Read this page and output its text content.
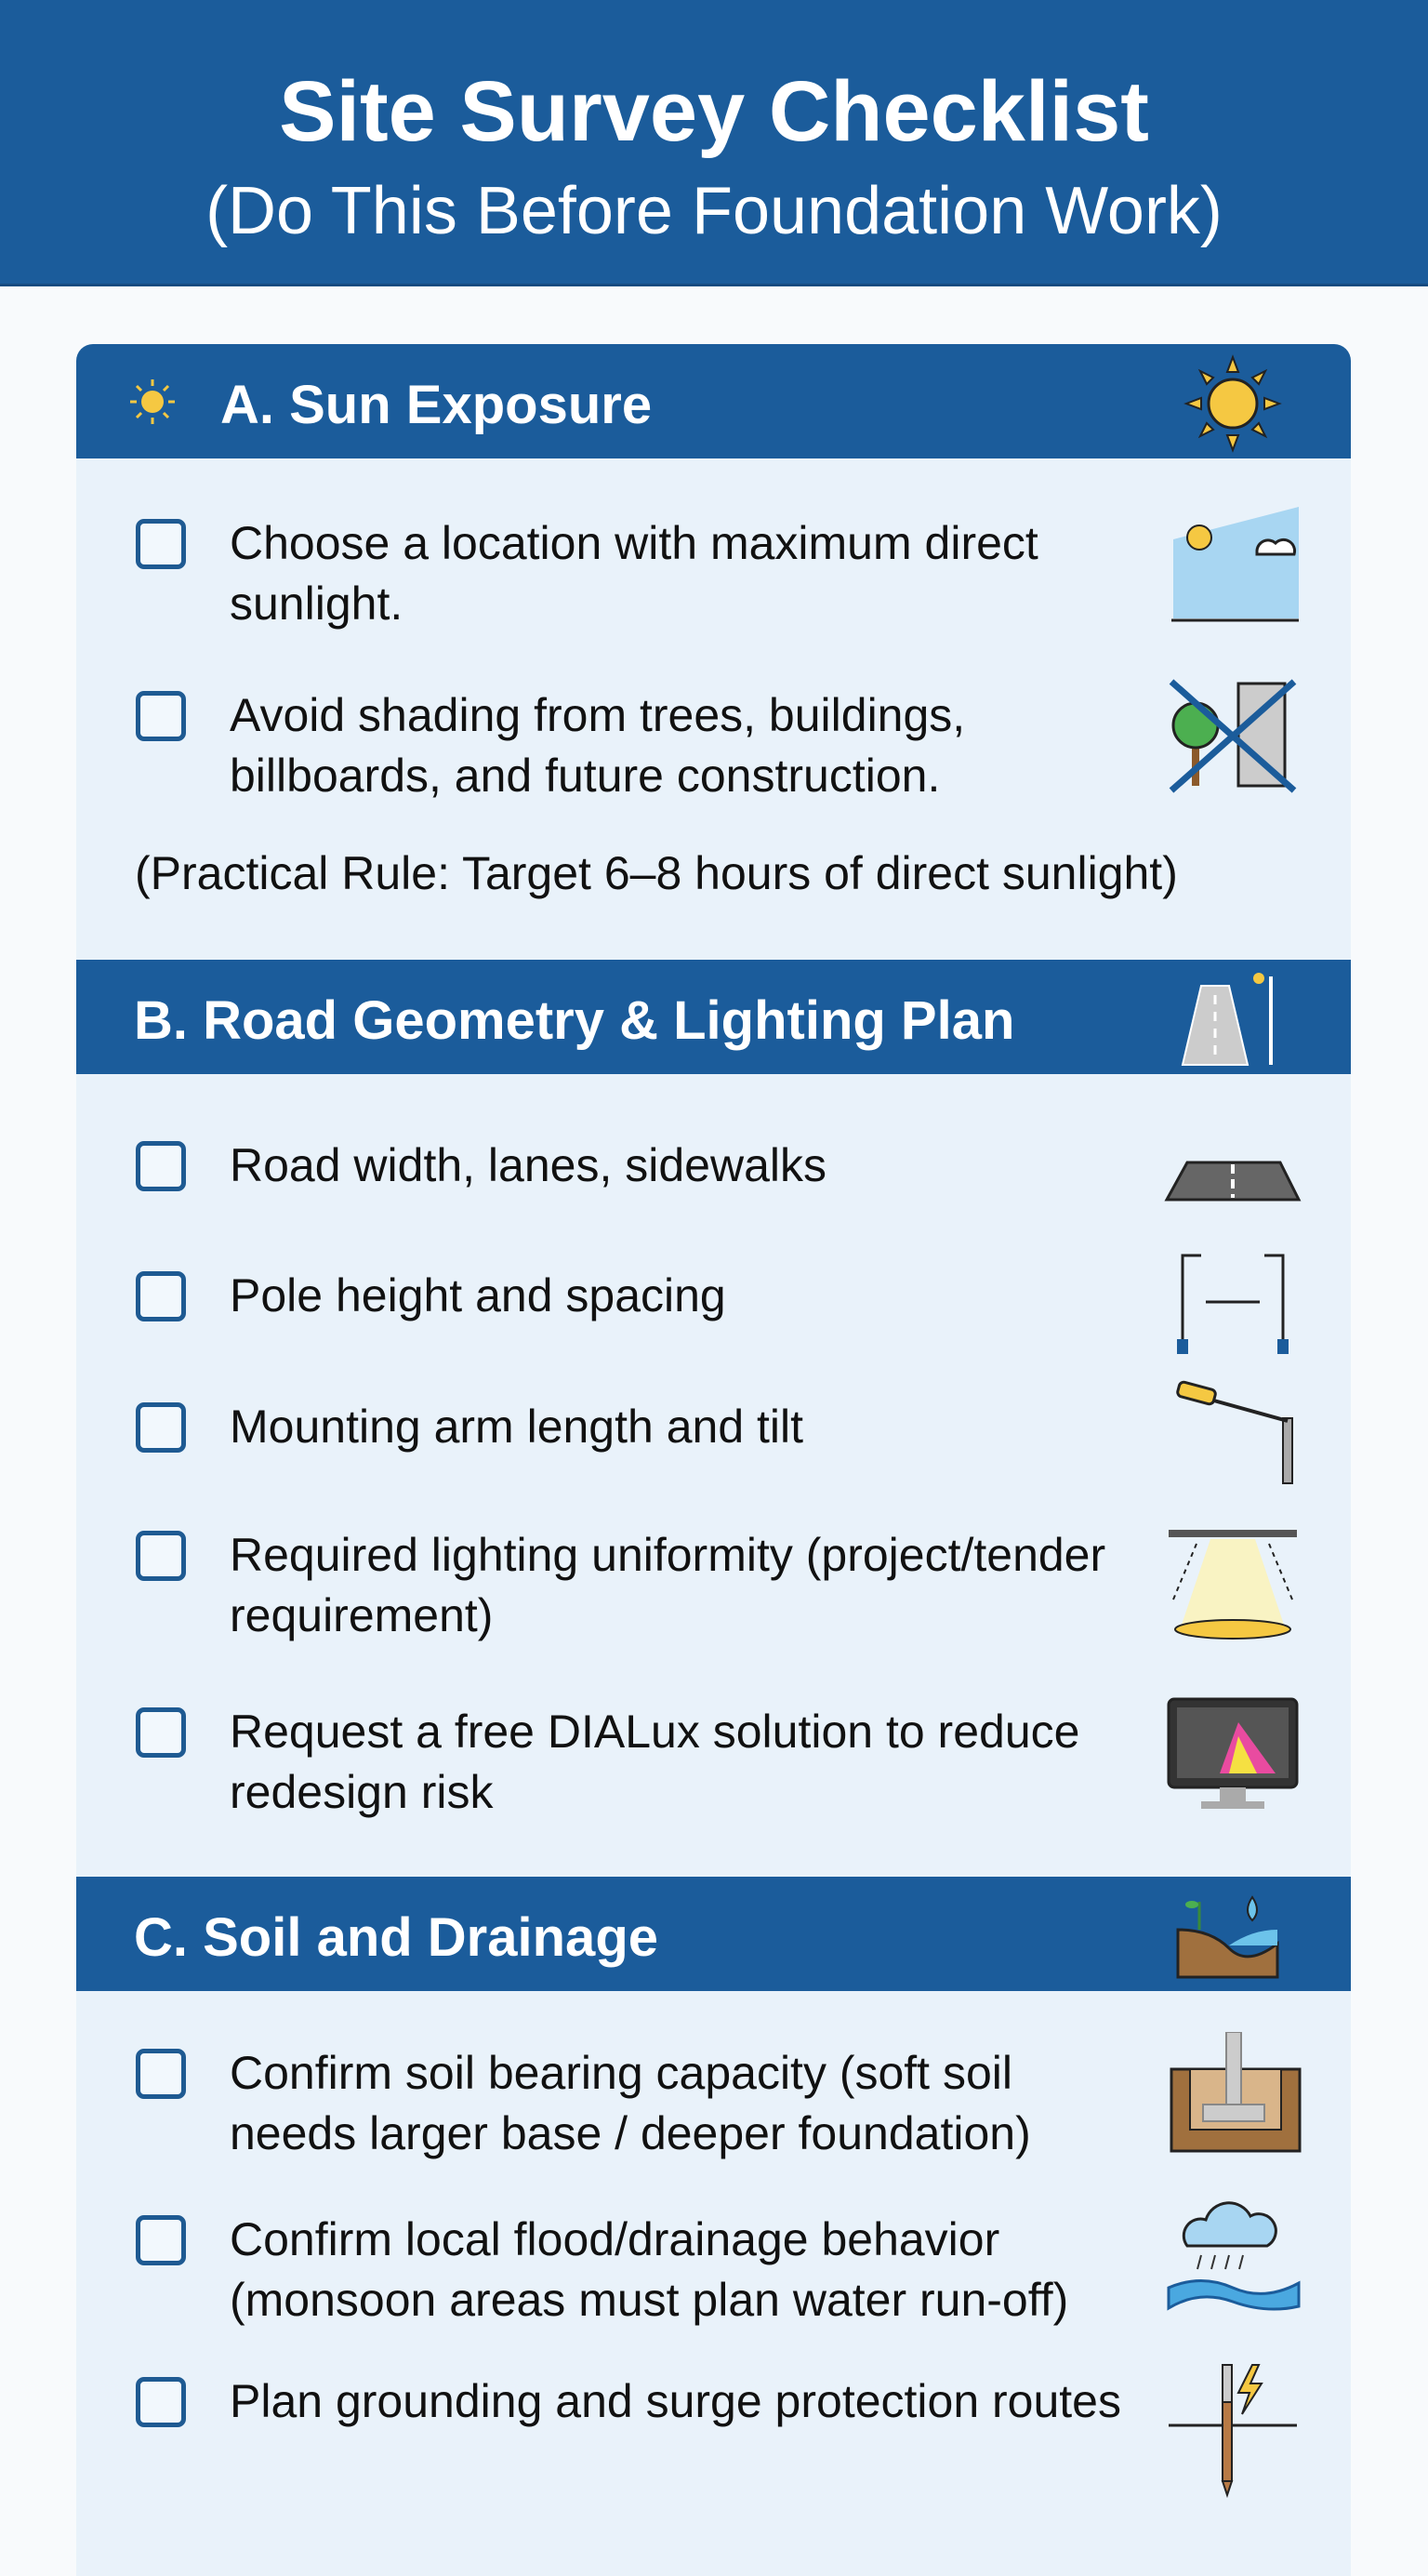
Site Survey Checklist
(Do This Before Foundation Work)
A. Sun Exposure
Choose a location with maximum direct sunlight.
Avoid shading from trees, buildings, billboards, and future construction.
(Practical Rule: Target 6–8 hours of direct sunlight)
B. Road Geometry & Lighting Plan
Road width, lanes, sidewalks
Pole height and spacing
Mounting arm length and tilt
Required lighting uniformity (project/tender requirement)
Request a free DIALux solution to reduce redesign risk
C. Soil and Drainage
Confirm soil bearing capacity (soft soil needs larger base / deeper foundation)
Confirm local flood/drainage behavior (monsoon areas must plan water run-off)
Plan grounding and surge protection routes
